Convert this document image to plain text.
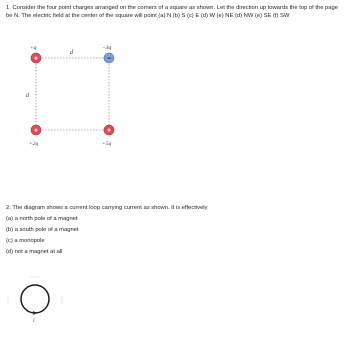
1. Consider the four point charges arranged on the corners of a square as shown. Let the direction up towards the top of the page be N. The electric field at the center of the square will point (a) N (b) S (c) E (d) W (e) NE (d) NW (e) SE (f) SW

d
d
+
+q
−
−3q
+
+2q
+
+5q

2. The diagram shows a current loop carrying current as shown. It is effectively

(a) a north pole of a magnet

(b) a south pole of a magnet

(c) a monopole

(d) not a magnet at all

I
